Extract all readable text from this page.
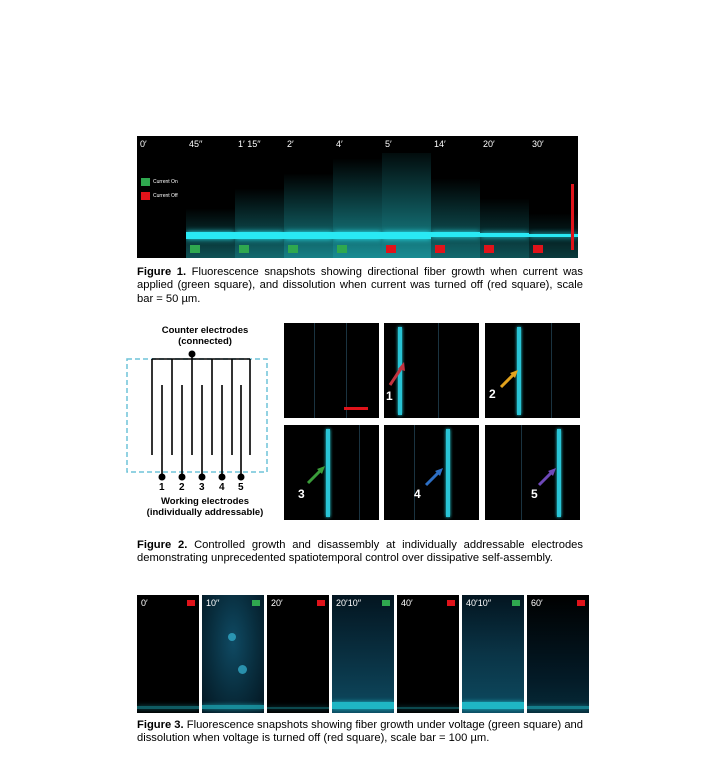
0′
Current On
Current Off
45′′	1′ 15′′	2′	4′	5′	14′	20′	30′
Figure 1. Fluorescence snapshots showing directional fiber growth when current was applied (green square), and dissolution when current was turned off (red square), scale bar = 50 µm.
Counter electrodes
(connected)
1 2 3 4 5
Working electrodes
(individually addressable)
1	2
3	4	5
Figure 2. Controlled growth and disassembly at individually addressable electrodes demonstrating unprecedented spatiotemporal control over dissipative self-assembly.
0′	10′′	20′	20′10′′	40′	40′10′′	60′
Figure 3. Fluorescence snapshots showing fiber growth under voltage (green square) and dissolution when voltage is turned off (red square), scale bar = 100 µm.
